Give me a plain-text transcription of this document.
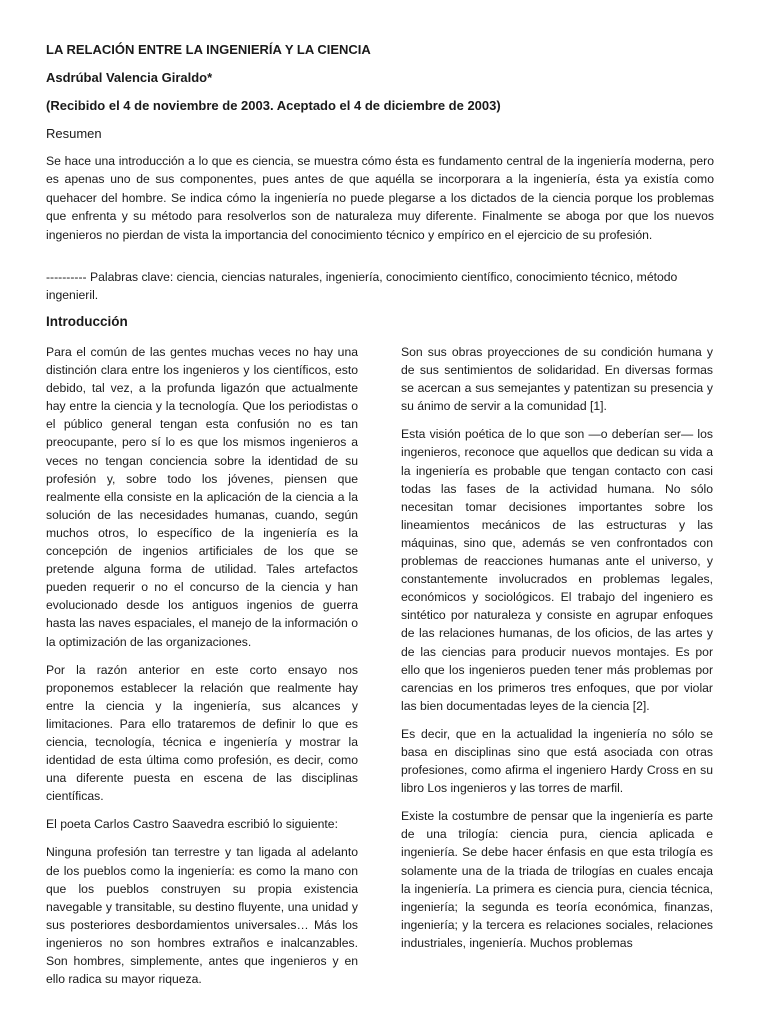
LA RELACIÓN ENTRE LA INGENIERÍA Y LA CIENCIA

Asdrúbal Valencia Giraldo*

(Recibido el 4 de noviembre de 2003. Aceptado el 4 de diciembre de 2003)

Resumen

Se hace una introducción a lo que es ciencia, se muestra cómo ésta es fundamento central de la ingeniería moderna, pero es apenas uno de sus componentes, pues antes de que aquélla se incorporara a la ingeniería, ésta ya existía como quehacer del hombre. Se indica cómo la ingeniería no puede plegarse a los dictados de la ciencia porque los problemas que enfrenta y su método para resolverlos son de naturaleza muy diferente. Finalmente se aboga por que los nuevos ingenieros no pierdan de vista la importancia del conocimiento técnico y empírico en el ejercicio de su profesión.

---------- Palabras clave: ciencia, ciencias naturales, ingeniería, conocimiento científico, conocimiento técnico, método ingenieril.

Introducción

Para el común de las gentes muchas veces no hay una distinción clara entre los ingenieros y los científicos, esto debido, tal vez, a la profunda ligazón que actualmente hay entre la ciencia y la tecnología. Que los periodistas o el público general tengan esta confusión no es tan preocupante, pero sí lo es que los mismos ingenieros a veces no tengan conciencia sobre la identidad de su profesión y, sobre todo los jóvenes, piensen que realmente ella consiste en la aplicación de la ciencia a la solución de las necesidades humanas, cuando, según muchos otros, lo específico de la ingeniería es la concepción de ingenios artificiales de los que se pretende alguna forma de utilidad. Tales artefactos pueden requerir o no el concurso de la ciencia y han evolucionado desde los antiguos ingenios de guerra hasta las naves espaciales, el manejo de la información o la optimización de las organizaciones.

Por la razón anterior en este corto ensayo nos proponemos establecer la relación que realmente hay entre la ciencia y la ingeniería, sus alcances y limitaciones. Para ello trataremos de definir lo que es ciencia, tecnología, técnica e ingeniería y mostrar la identidad de esta última como profesión, es decir, como una diferente puesta en escena de las disciplinas científicas.

El poeta Carlos Castro Saavedra escribió lo siguiente:

Ninguna profesión tan terrestre y tan ligada al adelanto de los pueblos como la ingeniería: es como la mano con que los pueblos construyen su propia existencia navegable y transitable, su destino fluyente, una unidad y sus posteriores desbordamientos universales… Más los ingenieros no son hombres extraños e inalcanzables. Son hombres, simplemente, antes que ingenieros y en ello radica su mayor riqueza.

Son sus obras proyecciones de su condición humana y de sus sentimientos de solidaridad. En diversas formas se acercan a sus semejantes y patentizan su presencia y su ánimo de servir a la comunidad [1].

Esta visión poética de lo que son —o deberían ser— los ingenieros, reconoce que aquellos que dedican su vida a la ingeniería es probable que tengan contacto con casi todas las fases de la actividad humana. No sólo necesitan tomar decisiones importantes sobre los lineamientos mecánicos de las estructuras y las máquinas, sino que, además se ven confrontados con problemas de reacciones humanas ante el universo, y constantemente involucrados en problemas legales, económicos y sociológicos. El trabajo del ingeniero es sintético por naturaleza y consiste en agrupar enfoques de las relaciones humanas, de los oficios, de las artes y de las ciencias para producir nuevos montajes. Es por ello que los ingenieros pueden tener más problemas por carencias en los primeros tres enfoques, que por violar las bien documentadas leyes de la ciencia [2].

Es decir, que en la actualidad la ingeniería no sólo se basa en disciplinas sino que está asociada con otras profesiones, como afirma el ingeniero Hardy Cross en su libro Los ingenieros y las torres de marfil.

Existe la costumbre de pensar que la ingeniería es parte de una trilogía: ciencia pura, ciencia aplicada e ingeniería. Se debe hacer énfasis en que esta trilogía es solamente una de la triada de trilogías en cuales encaja la ingeniería. La primera es ciencia pura, ciencia técnica, ingeniería; la segunda es teoría económica, finanzas, ingeniería; y la tercera es relaciones sociales, relaciones industriales, ingeniería. Muchos problemas
